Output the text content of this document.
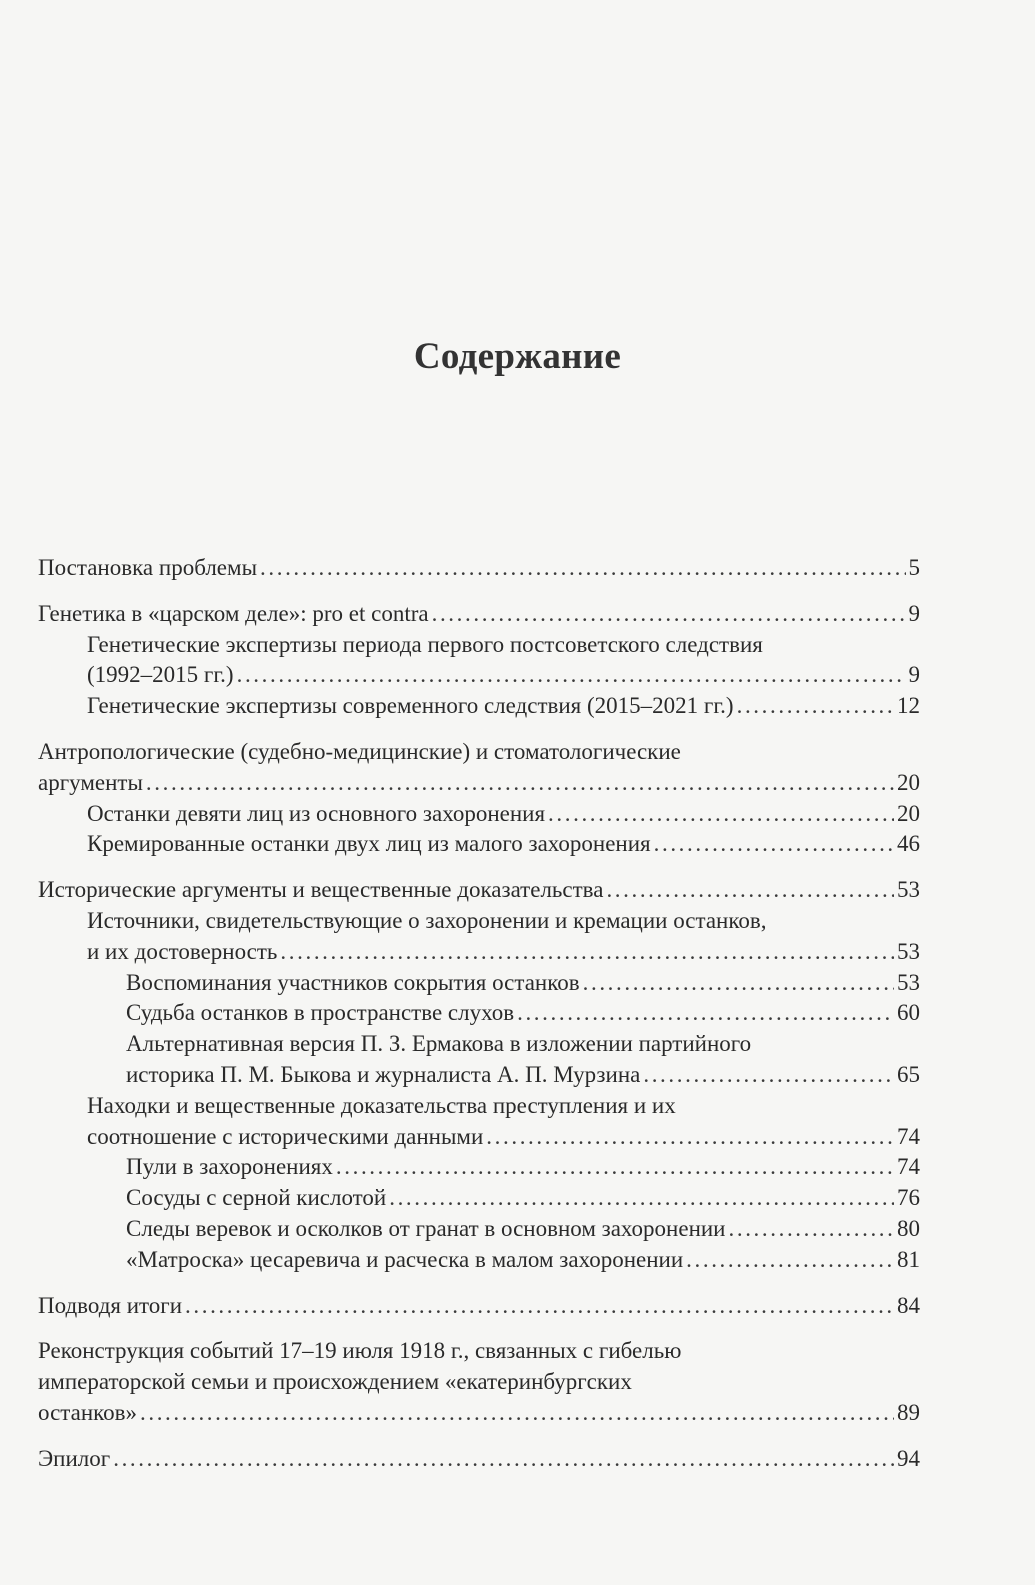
Содержание
Постановка проблемы .....	5
Генетика в «царском деле»: pro et contra .....	9
Генетические экспертизы периода первого постсоветского следствия
(1992–2015 гг.) .....	9
Генетические экспертизы современного следствия (2015–2021 гг.) .....	12
Антропологические (судебно-медицинские) и стоматологические
аргументы .....	20
Останки девяти лиц из основного захоронения .....	20
Кремированные останки двух лиц из малого захоронения .....	46
Исторические аргументы и вещественные доказательства .....	53
Источники, свидетельствующие о захоронении и кремации останков,
и их достоверность .....	53
Воспоминания участников сокрытия останков .....	53
Судьба останков в пространстве слухов .....	60
Альтернативная версия П. З. Ермакова в изложении партийного
историка П. М. Быкова и журналиста А. П. Мурзина .....	65
Находки и вещественные доказательства преступления и их
соотношение с историческими данными .....	74
Пули в захоронениях .....	74
Сосуды с серной кислотой .....	76
Следы веревок и осколков от гранат в основном захоронении .....	80
«Матроска» цесаревича и расческа в малом захоронении .....	81
Подводя итоги .....	84
Реконструкция событий 17–19 июля 1918 г., связанных с гибелью
императорской семьи и происхождением «екатеринбургских
останков» .....	89
Эпилог .....	94
